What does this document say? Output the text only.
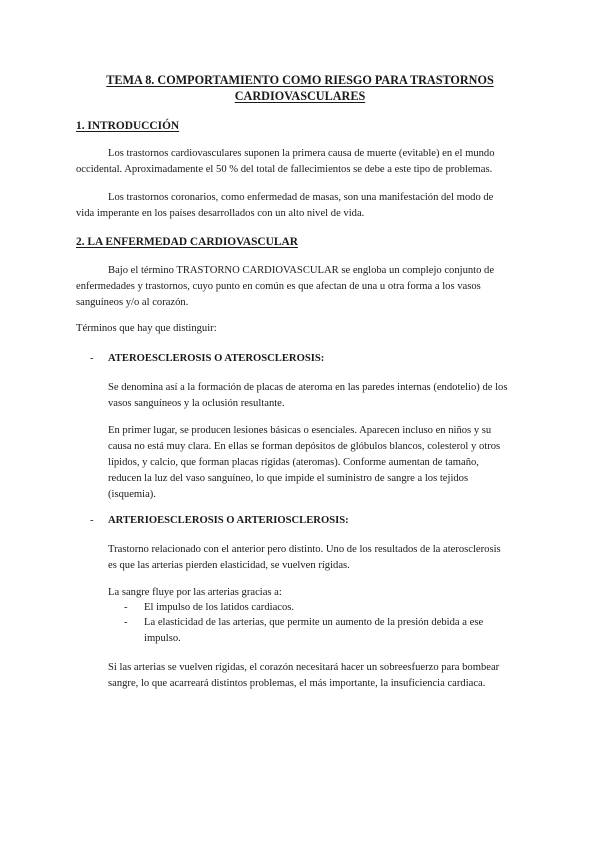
TEMA 8. COMPORTAMIENTO COMO RIESGO PARA TRASTORNOS
CARDIOVASCULARES
1. INTRODUCCIÓN
Los trastornos cardiovasculares suponen la primera causa de muerte (evitable) en el mundo
occidental. Aproximadamente el 50 % del total de fallecimientos se debe a este tipo de problemas.
Los trastornos coronarios, como enfermedad de masas, son una manifestación del modo de
vida imperante en los países desarrollados con un alto nivel de vida.
2. LA ENFERMEDAD CARDIOVASCULAR
Bajo el término TRASTORNO CARDIOVASCULAR se engloba un complejo conjunto de
enfermedades y trastornos, cuyo punto en común es que afectan de una u otra forma a los vasos
sanguíneos y/o al corazón.
Términos que hay que distinguir:
- ATEROESCLEROSIS O ATEROSCLEROSIS:
Se denomina así a la formación de placas de ateroma en las paredes internas (endotelio) de los
vasos sanguíneos y la oclusión resultante.
En primer lugar, se producen lesiones básicas o esenciales. Aparecen incluso en niños y su
causa no está muy clara. En ellas se forman depósitos de glóbulos blancos, colesterol y otros
lípidos, y calcio, que forman placas rígidas (ateromas). Conforme aumentan de tamaño,
reducen la luz del vaso sanguíneo, lo que impide el suministro de sangre a los tejidos
(isquemia).
- ARTERIOESCLEROSIS O ARTERIOSCLEROSIS:
Trastorno relacionado con el anterior pero distinto. Uno de los resultados de la aterosclerosis
es que las arterias pierden elasticidad, se vuelven rígidas.
La sangre fluye por las arterias gracias a:
- El impulso de los latidos cardiacos.
- La elasticidad de las arterias, que permite un aumento de la presión debida a ese
impulso.
Si las arterias se vuelven rígidas, el corazón necesitará hacer un sobreesfuerzo para bombear
sangre, lo que acarreará distintos problemas, el más importante, la insuficiencia cardiaca.
